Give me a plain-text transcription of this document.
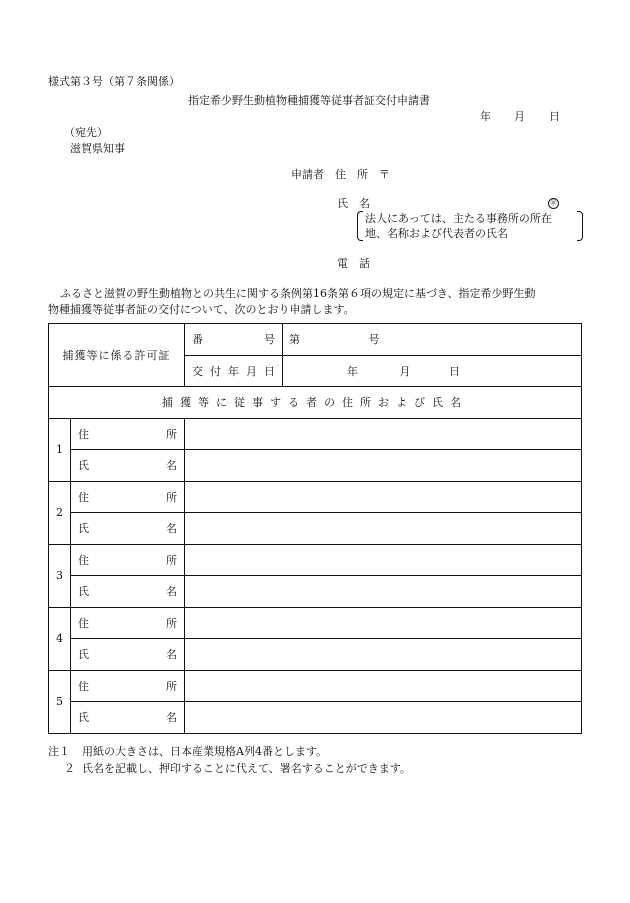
様式第３号（第７条関係）
指定希少野生動植物種捕獲等従事者証交付申請書
年 月 日
（宛先）
滋賀県知事
申請者 住　所　〒
氏　名	㊞
法人にあっては、主たる事務所の所在
地、名称および代表者の氏名
電　話
ふるさと滋賀の野生動植物との共生に関する条例第16条第６項の規定に基づき、指定希少野生動
物種捕獲等従事者証の交付について、次のとおり申請します。
捕獲等に係る許可証		番 号	第 号

		交 付 年 月 日	年 月 日
捕獲等に従事する者の住所および氏名			
1	住 所		

	氏 名		

2	住 所		

	氏 名		

3	住 所		

	氏 名		

4	住 所		

	氏 名		

5	住 所		

	氏 名		

注１ 用紙の大きさは、日本産業規格A列4番とします。
２ 氏名を記載し、押印することに代えて、署名することができます。
